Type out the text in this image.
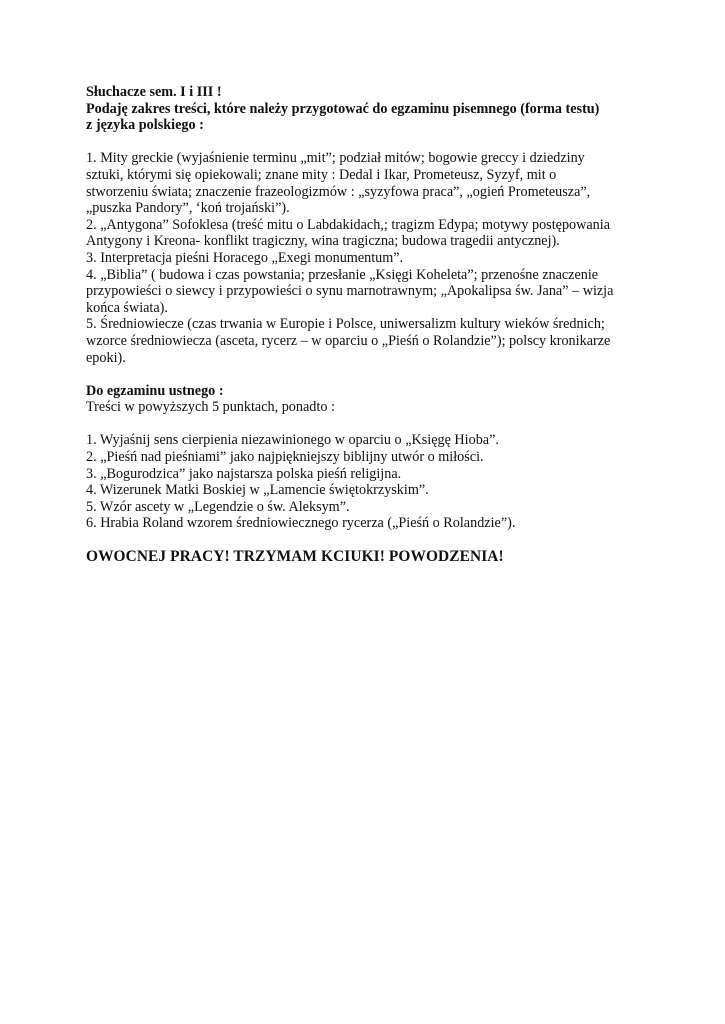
Słuchacze sem. I i III !
Podaję zakres treści, które należy przygotować do egzaminu pisemnego (forma testu)
z języka polskiego :
1. Mity greckie (wyjaśnienie terminu „mit”; podział mitów; bogowie greccy i dziedziny
sztuki, którymi się opiekowali; znane mity : Dedal i Ikar, Prometeusz, Syzyf, mit o
stworzeniu świata; znaczenie frazeologizmów : „syzyfowa praca”, „ogień Prometeusza”,
„puszka Pandory”, ‘koń trojański”).
2. „Antygona” Sofoklesa (treść mitu o Labdakidach,; tragizm Edypa; motywy postępowania
Antygony i Kreona- konflikt tragiczny, wina tragiczna; budowa tragedii antycznej).
3. Interpretacja pieśni Horacego „Exegi monumentum”.
4. „Biblia” ( budowa i czas powstania; przesłanie „Księgi Koheleta”; przenośne znaczenie
przypowieści o siewcy i przypowieści o synu marnotrawnym; „Apokalipsa św. Jana” – wizja
końca świata).
5. Średniowiecze (czas trwania w Europie i Polsce, uniwersalizm kultury wieków średnich;
wzorce średniowiecza (asceta, rycerz – w oparciu o „Pieśń o Rolandzie”); polscy kronikarze
epoki).
Do egzaminu ustnego :
Treści w powyższych 5 punktach, ponadto :
1. Wyjaśnij sens cierpienia niezawinionego w oparciu o „Księgę Hioba”.
2. „Pieśń nad pieśniami” jako najpiękniejszy biblijny utwór o miłości.
3. „Bogurodzica” jako najstarsza polska pieśń religijna.
4. Wizerunek Matki Boskiej w „Lamencie świętokrzyskim”.
5. Wzór ascety w „Legendzie o św. Aleksym”.
6. Hrabia Roland wzorem średniowiecznego rycerza („Pieśń o Rolandzie”).
OWOCNEJ PRACY! TRZYMAM KCIUKI! POWODZENIA!
